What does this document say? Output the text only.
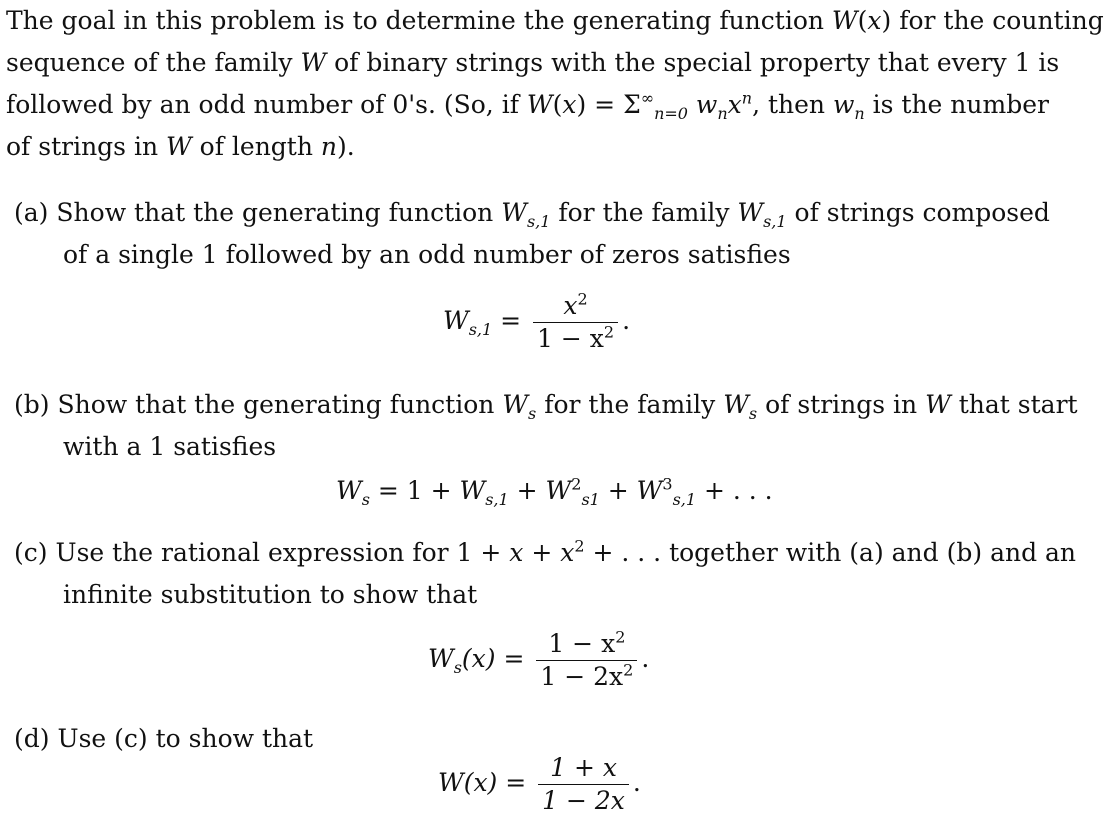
The goal in this problem is to determine the generating function W(x) for the counting
sequence of the family W of binary strings with the special property that every 1 is
followed by an odd number of 0's. (So, if $W(x) = \Sigma^\infty_{n=0}$ $w_nx^n$, then $w_n$ is the number
of strings in W of length n).
(a) Show that the generating function $W_{s,1}$ for the family $W_{s,1}$ of strings composed
of a single 1 followed by an odd number of zeros satisfies
$W_{s,1} = \frac{x^2}{1 - x^2}$ .
(b) Show that the generating function $W_s$ for the family $W_s$ of strings in W that start
with a 1 satisfies
$W_s = 1 + W_{s,1} + W^2_{s1} + W^3_{s,1}$ + . . .
(c) Use the rational expression for $1 + x + x^2$ + . . . together with (a) and (b) and an
infinite substitution to show that
$W_s(x) = \frac{1 - x^2}{1 - 2x^2}$ .
(d) Use (c) to show that
$W(x) = \frac{1 + x}{1 - 2x}$ .
